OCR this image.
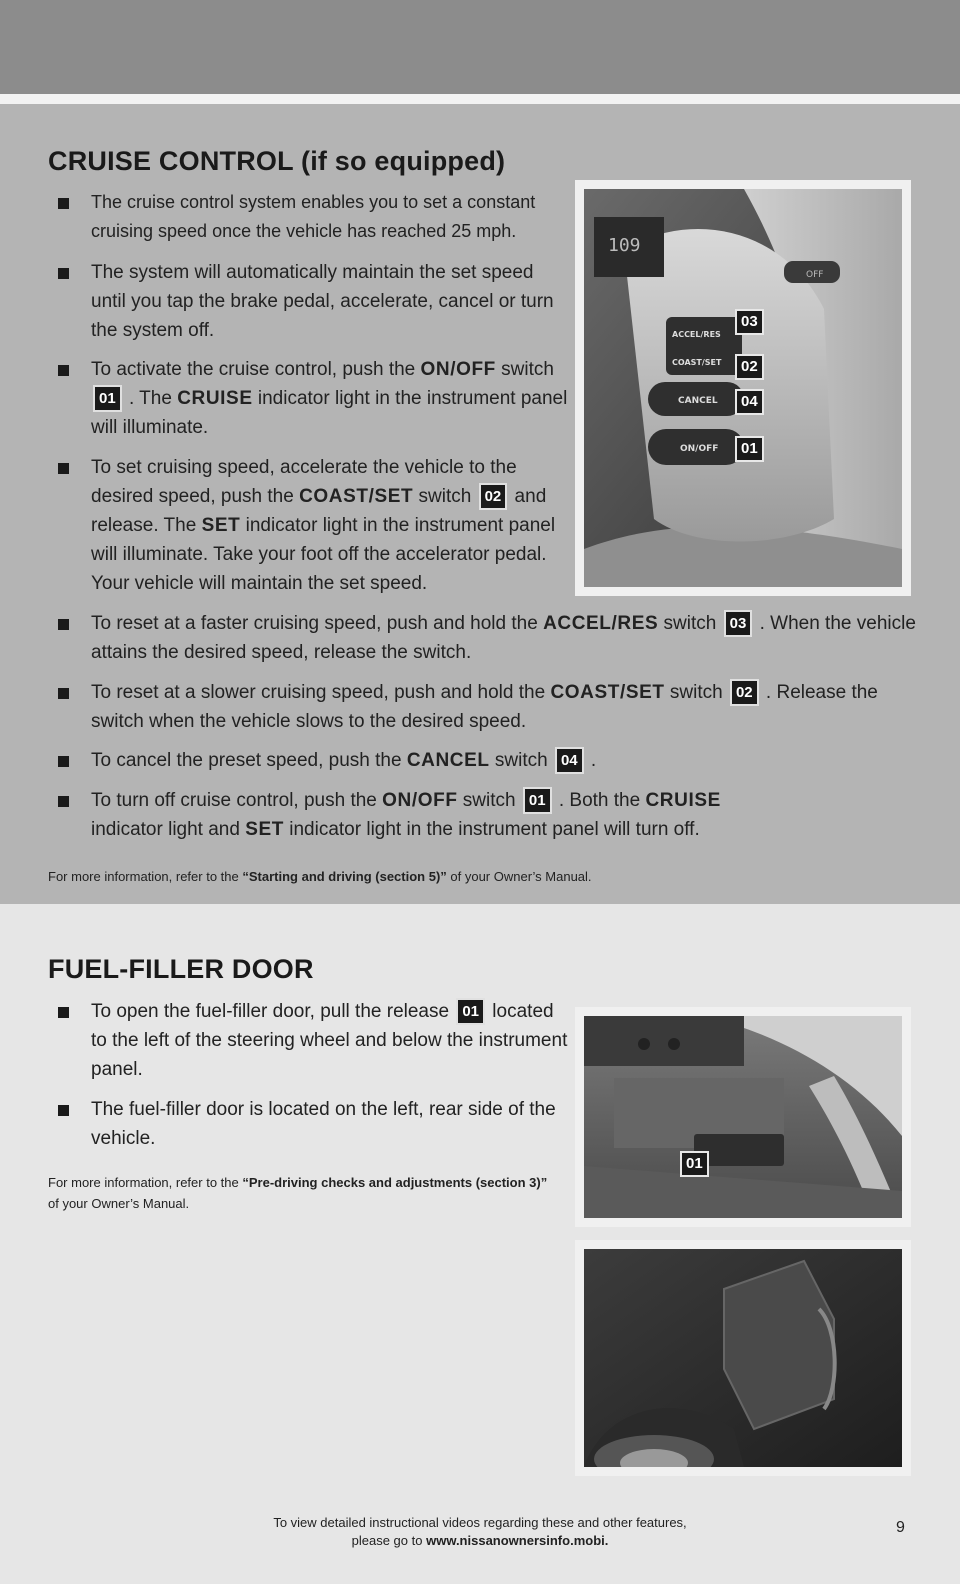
CRUISE CONTROL (if so equipped)
The cruise control system enables you to set a constant cruising speed once the vehicle has reached 25 mph.
The system will automatically maintain the set speed until you tap the brake pedal, accelerate, cancel or turn the system off.
To activate the cruise control, push the ON/OFF switch 01 . The CRUISE indicator light in the instrument panel will illuminate.
To set cruising speed, accelerate the vehicle to the desired speed, push the COAST/SET switch 02 and release. The SET indicator light in the instrument panel will illuminate. Take your foot off the accelerator pedal. Your vehicle will maintain the set speed.
To reset at a faster cruising speed, push and hold the ACCEL/RES switch 03 . When the vehicle attains the desired speed, release the switch.
To reset at a slower cruising speed, push and hold the COAST/SET switch 02 . Release the switch when the vehicle slows to the desired speed.
To cancel the preset speed, push the CANCEL switch 04 .
To turn off cruise control, push the ON/OFF switch 01 . Both the CRUISE indicator light and SET indicator light in the instrument panel will turn off.
For more information, refer to the “Starting and driving (section 5)” of your Owner’s Manual.
109
OFF
ACCEL/RES
COAST/SET
CANCEL
ON/OFF
03
02
04
01
FUEL-FILLER DOOR
To open the fuel-filler door, pull the release 01 located to the left of the steering wheel and below the instrument panel.
The fuel-filler door is located on the left, rear side of the vehicle.
For more information, refer to the “Pre-driving checks and adjustments (section 3)” of your Owner’s Manual.
01
To view detailed instructional videos regarding these and other features,
please go to www.nissanownersinfo.mobi.
9
